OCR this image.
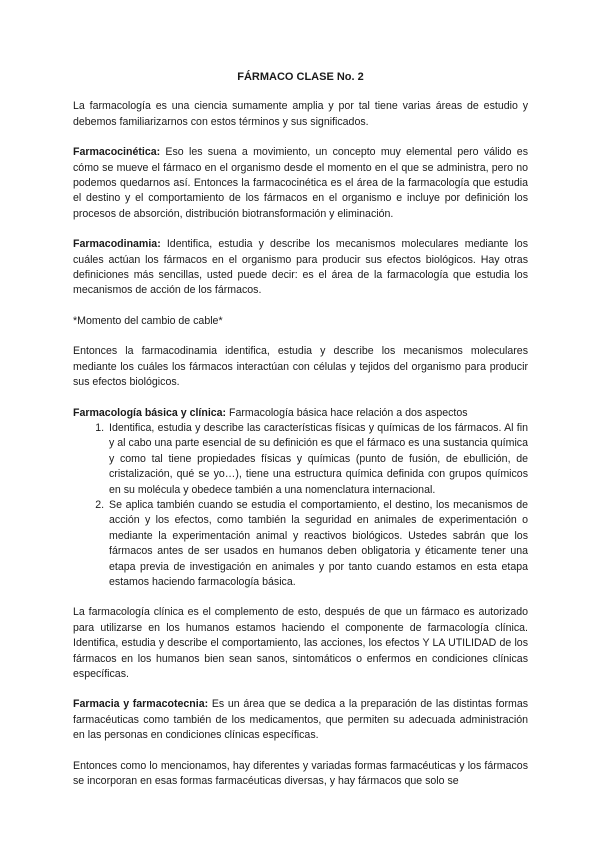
FÁRMACO CLASE No. 2

La farmacología es una ciencia sumamente amplia y por tal tiene varias áreas de estudio y debemos familiarizarnos con estos términos y sus significados.

Farmacocinética: Eso les suena a movimiento, un concepto muy elemental pero válido es cómo se mueve el fármaco en el organismo desde el momento en el que se administra, pero no podemos quedarnos así. Entonces la farmacocinética es el área de la farmacología que estudia el destino y el comportamiento de los fármacos en el organismo e incluye por definición los procesos de absorción, distribución biotransformación y eliminación.

Farmacodinamia: Identifica, estudia y describe los mecanismos moleculares mediante los cuáles actúan los fármacos en el organismo para producir sus efectos biológicos. Hay otras definiciones más sencillas, usted puede decir: es el área de la farmacología que estudia los mecanismos de acción de los fármacos.

*Momento del cambio de cable*

Entonces la farmacodinamia identifica, estudia y describe los mecanismos moleculares mediante los cuáles los fármacos interactúan con células y tejidos del organismo para producir sus efectos biológicos.

Farmacología básica y clínica: Farmacología básica hace relación a dos aspectos

1. Identifica, estudia y describe las características físicas y químicas de los fármacos. Al fin y al cabo una parte esencial de su definición es que el fármaco es una sustancia química y como tal tiene propiedades físicas y químicas (punto de fusión, de ebullición, de cristalización, qué se yo…), tiene una estructura química definida con grupos químicos en su molécula y obedece también a una nomenclatura internacional.
2. Se aplica también cuando se estudia el comportamiento, el destino, los mecanismos de acción y los efectos, como también la seguridad en animales de experimentación o mediante la experimentación animal y reactivos biológicos. Ustedes sabrán que los fármacos antes de ser usados en humanos deben obligatoria y éticamente tener una etapa previa de investigación en animales y por tanto cuando estamos en esta etapa estamos haciendo farmacología básica.

La farmacología clínica es el complemento de esto, después de que un fármaco es autorizado para utilizarse en los humanos estamos haciendo el componente de farmacología clínica. Identifica, estudia y describe el comportamiento, las acciones, los efectos Y LA UTILIDAD de los fármacos en los humanos bien sean sanos, sintomáticos o enfermos en condiciones clínicas específicas.

Farmacia y farmacotecnia: Es un área que se dedica a la preparación de las distintas formas farmacéuticas como también de los medicamentos, que permiten su adecuada administración en las personas en condiciones clínicas específicas.

Entonces como lo mencionamos, hay diferentes y variadas formas farmacéuticas y los fármacos se incorporan en esas formas farmacéuticas diversas, y hay fármacos que solo se
